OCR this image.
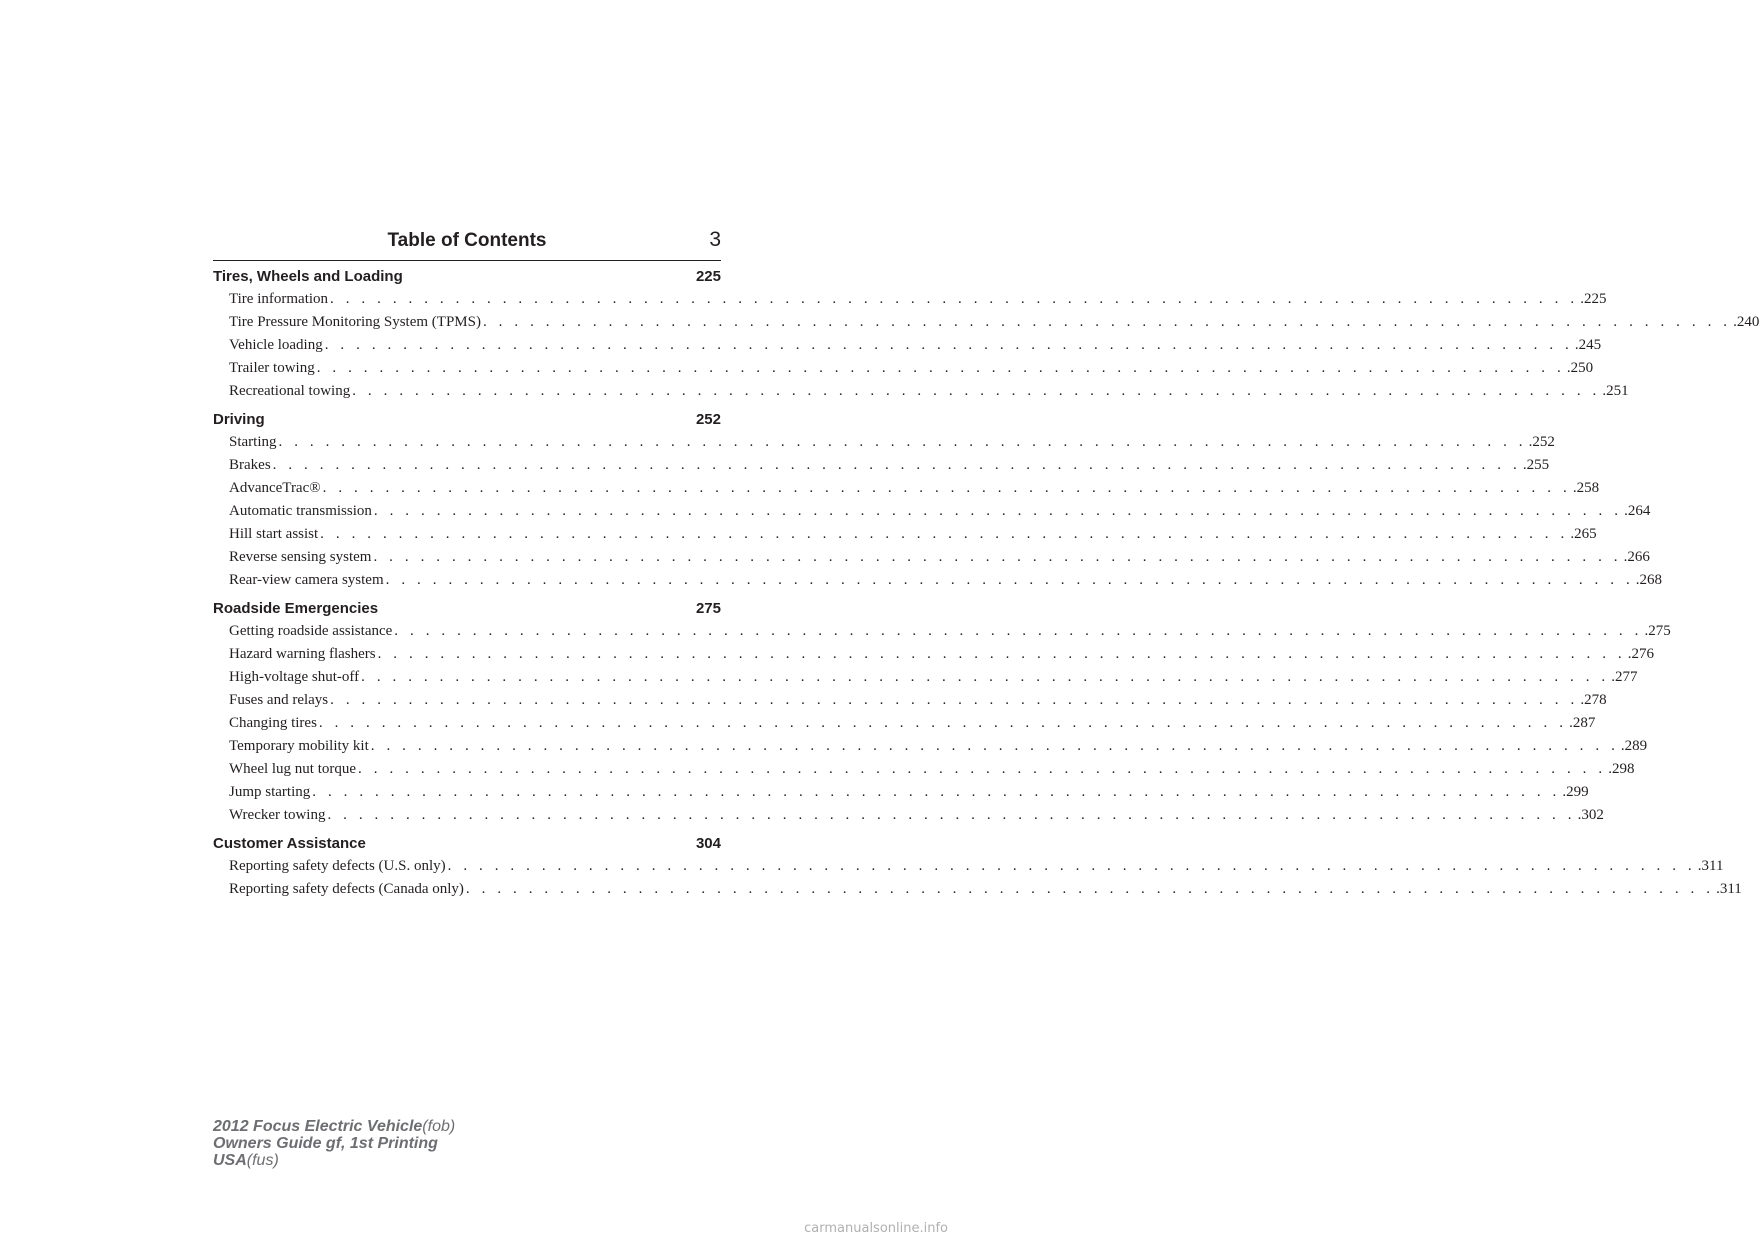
Table of Contents	3
Tires, Wheels and Loading	225
Tire information . . . . . . . . . . . . . . . . . . . . . . . . . . . . . . . . . . . . . . . . . . . . . . . . . . . . . . . . . . . . . . . . . . . . . . . . . . . . . . . . .225
Tire Pressure Monitoring System (TPMS) . . . . . . . . . . . . . . . . . . . . . . . . . . . . . . . . . . . . . . . . . . . . . . . . . . . . . . . . . . . . . . . . . . . . . . . . . . . . . . . . .240
Vehicle loading . . . . . . . . . . . . . . . . . . . . . . . . . . . . . . . . . . . . . . . . . . . . . . . . . . . . . . . . . . . . . . . . . . . . . . . . . . . . . . . . .245
Trailer towing . . . . . . . . . . . . . . . . . . . . . . . . . . . . . . . . . . . . . . . . . . . . . . . . . . . . . . . . . . . . . . . . . . . . . . . . . . . . . . . . .250
Recreational towing . . . . . . . . . . . . . . . . . . . . . . . . . . . . . . . . . . . . . . . . . . . . . . . . . . . . . . . . . . . . . . . . . . . . . . . . . . . . . . . . .251
Driving	252
Starting . . . . . . . . . . . . . . . . . . . . . . . . . . . . . . . . . . . . . . . . . . . . . . . . . . . . . . . . . . . . . . . . . . . . . . . . . . . . . . . . .252
Brakes . . . . . . . . . . . . . . . . . . . . . . . . . . . . . . . . . . . . . . . . . . . . . . . . . . . . . . . . . . . . . . . . . . . . . . . . . . . . . . . . .255
AdvanceTrac® . . . . . . . . . . . . . . . . . . . . . . . . . . . . . . . . . . . . . . . . . . . . . . . . . . . . . . . . . . . . . . . . . . . . . . . . . . . . . . . . .258
Automatic transmission . . . . . . . . . . . . . . . . . . . . . . . . . . . . . . . . . . . . . . . . . . . . . . . . . . . . . . . . . . . . . . . . . . . . . . . . . . . . . . . . .264
Hill start assist . . . . . . . . . . . . . . . . . . . . . . . . . . . . . . . . . . . . . . . . . . . . . . . . . . . . . . . . . . . . . . . . . . . . . . . . . . . . . . . . .265
Reverse sensing system . . . . . . . . . . . . . . . . . . . . . . . . . . . . . . . . . . . . . . . . . . . . . . . . . . . . . . . . . . . . . . . . . . . . . . . . . . . . . . . . .266
Rear-view camera system . . . . . . . . . . . . . . . . . . . . . . . . . . . . . . . . . . . . . . . . . . . . . . . . . . . . . . . . . . . . . . . . . . . . . . . . . . . . . . . . .268
Roadside Emergencies	275
Getting roadside assistance . . . . . . . . . . . . . . . . . . . . . . . . . . . . . . . . . . . . . . . . . . . . . . . . . . . . . . . . . . . . . . . . . . . . . . . . . . . . . . . . .275
Hazard warning flashers . . . . . . . . . . . . . . . . . . . . . . . . . . . . . . . . . . . . . . . . . . . . . . . . . . . . . . . . . . . . . . . . . . . . . . . . . . . . . . . . .276
High-voltage shut-off . . . . . . . . . . . . . . . . . . . . . . . . . . . . . . . . . . . . . . . . . . . . . . . . . . . . . . . . . . . . . . . . . . . . . . . . . . . . . . . . .277
Fuses and relays . . . . . . . . . . . . . . . . . . . . . . . . . . . . . . . . . . . . . . . . . . . . . . . . . . . . . . . . . . . . . . . . . . . . . . . . . . . . . . . . .278
Changing tires . . . . . . . . . . . . . . . . . . . . . . . . . . . . . . . . . . . . . . . . . . . . . . . . . . . . . . . . . . . . . . . . . . . . . . . . . . . . . . . . .287
Temporary mobility kit . . . . . . . . . . . . . . . . . . . . . . . . . . . . . . . . . . . . . . . . . . . . . . . . . . . . . . . . . . . . . . . . . . . . . . . . . . . . . . . . .289
Wheel lug nut torque . . . . . . . . . . . . . . . . . . . . . . . . . . . . . . . . . . . . . . . . . . . . . . . . . . . . . . . . . . . . . . . . . . . . . . . . . . . . . . . . .298
Jump starting . . . . . . . . . . . . . . . . . . . . . . . . . . . . . . . . . . . . . . . . . . . . . . . . . . . . . . . . . . . . . . . . . . . . . . . . . . . . . . . . .299
Wrecker towing . . . . . . . . . . . . . . . . . . . . . . . . . . . . . . . . . . . . . . . . . . . . . . . . . . . . . . . . . . . . . . . . . . . . . . . . . . . . . . . . .302
Customer Assistance	304
Reporting safety defects (U.S. only) . . . . . . . . . . . . . . . . . . . . . . . . . . . . . . . . . . . . . . . . . . . . . . . . . . . . . . . . . . . . . . . . . . . . . . . . . . . . . . . . .311
Reporting safety defects (Canada only) . . . . . . . . . . . . . . . . . . . . . . . . . . . . . . . . . . . . . . . . . . . . . . . . . . . . . . . . . . . . . . . . . . . . . . . . . . . . . . . . .311
2012 Focus Electric Vehicle(fob)
Owners Guide gf, 1st Printing
USA(fus)
carmanualsonline.info
